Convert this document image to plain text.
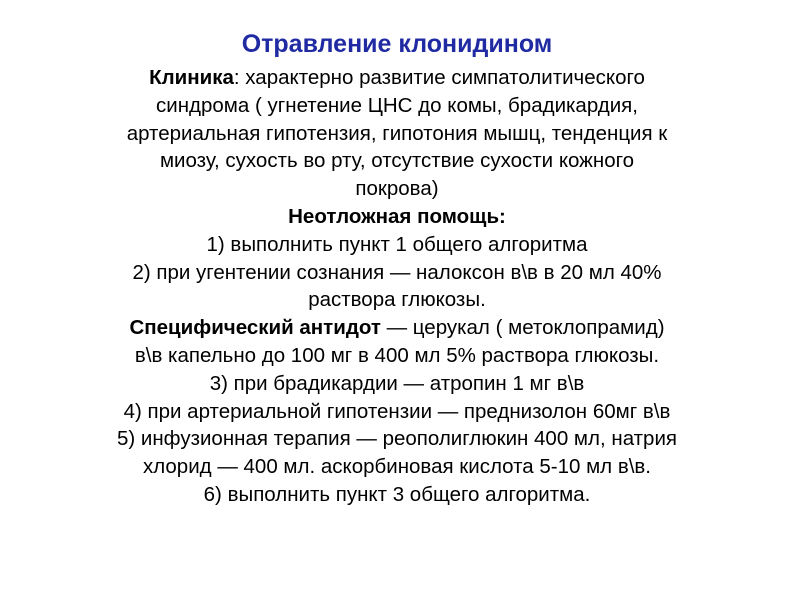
Отравление клонидином
Клиника: характерно развитие симпатолитического
синдрома ( угнетение ЦНС до комы, брадикардия,
артериальная гипотензия, гипотония мышц, тенденция к
миозу, сухость во рту, отсутствие сухости кожного
покрова)
Неотложная помощь:
1) выполнить пункт 1 общего алгоритма
2) при угентении сознания — налоксон в\в в 20 мл 40%
раствора глюкозы.
Специфический антидот — церукал ( метоклопрамид)
в\в капельно до 100 мг в 400 мл 5% раствора глюкозы.
3) при брадикардии — атропин 1 мг в\в
4) при артериальной гипотензии — преднизолон 60мг в\в
5) инфузионная терапия — реополиглюкин 400 мл, натрия
хлорид — 400 мл. аскорбиновая кислота 5-10 мл в\в.
6) выполнить пункт 3 общего алгоритма.
